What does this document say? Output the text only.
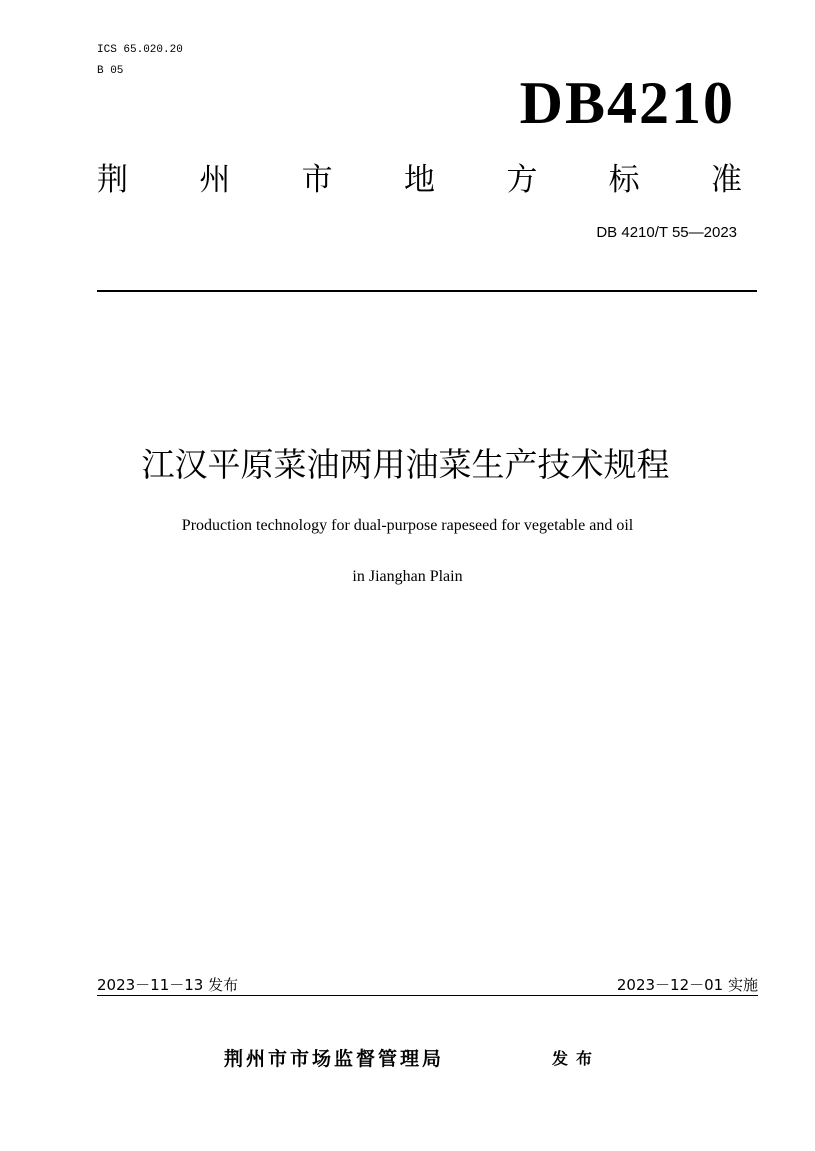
ICS 65.020.20
B 05	DB4210
荆 州 市 地 方 标 准
DB 4210/T 55—2023
江汉平原菜油两用油菜生产技术规程
Production technology for dual-purpose rapeseed for vegetable and oil
in Jianghan Plain
2023－11－13 发布	2023－12－01 实施
荆州市市场监督管理局	发布
